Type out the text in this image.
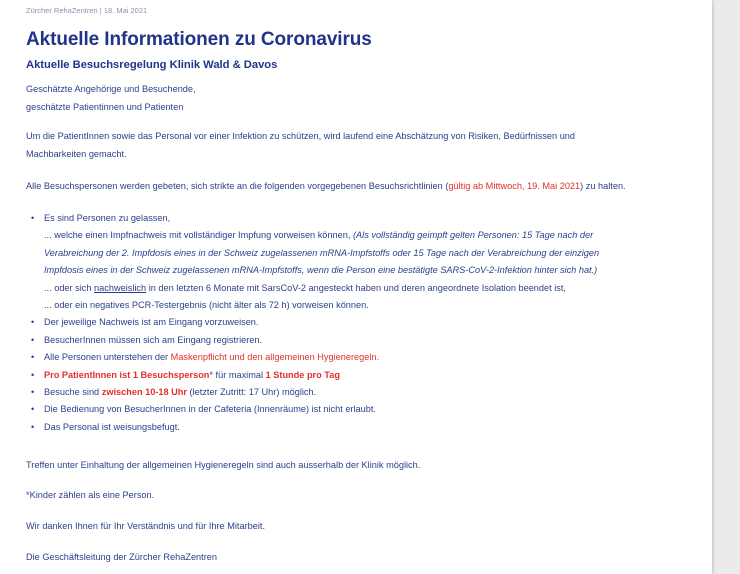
Zürcher RehaZentren | 18. Mai 2021
Aktuelle Informationen zu Coronavirus
Aktuelle Besuchsregelung Klinik Wald & Davos

Geschätzte Angehörige und Besuchende,
geschätzte Patientinnen und Patienten

Um die PatientInnen sowie das Personal vor einer Infektion zu schützen, wird laufend eine Abschätzung von Risiken, Bedürfnissen und
Machbarkeiten gemacht.

Alle Besuchspersonen werden gebeten, sich strikte an die folgenden vorgegebenen Besuchsrichtlinien (gültig ab Mittwoch, 19. Mai 2021) zu halten.

• Es sind Personen zu gelassen,
... welche einen Impfnachweis mit vollständiger Impfung vorweisen können, (Als vollständig geimpft gelten Personen: 15 Tage nach der
Verabreichung der 2. Impfdosis eines in der Schweiz zugelassenen mRNA-Impfstoffs oder 15 Tage nach der Verabreichung der einzigen
Impfdosis eines in der Schweiz zugelassenen mRNA-Impfstoffs, wenn die Person eine bestätigte SARS-CoV-2-Infektion hinter sich hat.)
... oder sich nachweislich in den letzten 6 Monate mit SarsCoV-2 angesteckt haben und deren angeordnete Isolation beendet ist,
... oder ein negatives PCR-Testergebnis (nicht älter als 72 h) vorweisen können.
• Der jeweilige Nachweis ist am Eingang vorzuweisen.
• BesucherInnen müssen sich am Eingang registrieren.
• Alle Personen unterstehen der Maskenpflicht und den allgemeinen Hygieneregeln.
• Pro PatientInnen ist 1 Besuchsperson* für maximal 1 Stunde pro Tag
• Besuche sind zwischen 10-18 Uhr (letzter Zutritt: 17 Uhr) möglich.
• Die Bedienung von BesucherInnen in der Cafeteria (Innenräume) ist nicht erlaubt.
• Das Personal ist weisungsbefugt.

Treffen unter Einhaltung der allgemeinen Hygieneregeln sind auch ausserhalb der Klinik möglich.

*Kinder zählen als eine Person.

Wir danken Ihnen für Ihr Verständnis und für Ihre Mitarbeit.

Die Geschäftsleitung der Zürcher RehaZentren
